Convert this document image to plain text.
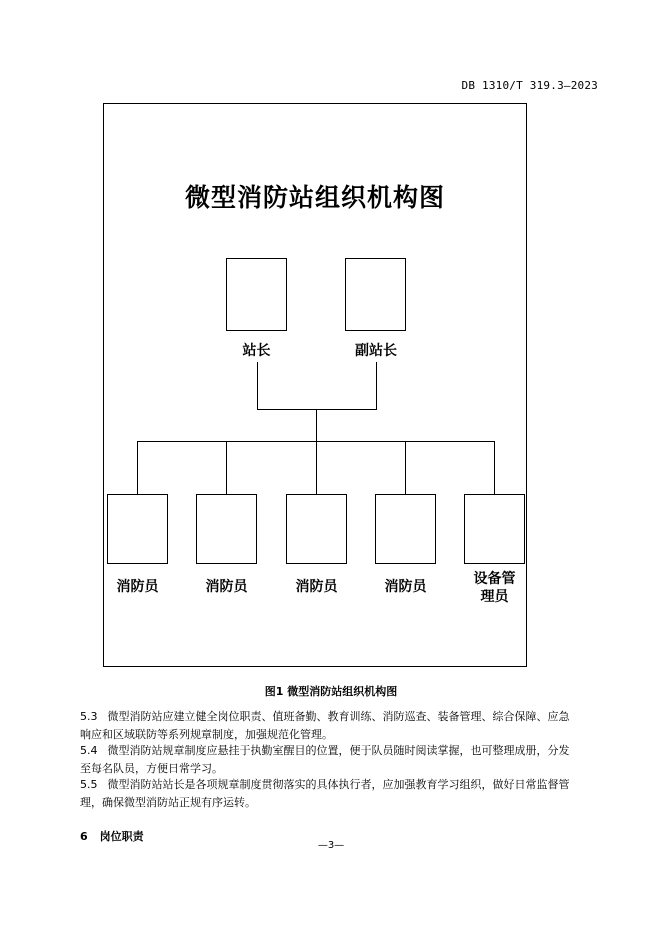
DB 1310/T 319.3—2023
微型消防站组织机构图
站长	副站长
消防员	消防员	消防员	消防员	设备管
理员
图1 微型消防站组织机构图
5.3 微型消防站应建立健全岗位职责、值班备勤、教育训练、消防巡查、装备管理、综合保障、应急
响应和区域联防等系列规章制度，加强规范化管理。
5.4 微型消防站规章制度应悬挂于执勤室醒目的位置，便于队员随时阅读掌握，也可整理成册，分发
至每名队员，方便日常学习。
5.5 微型消防站站长是各项规章制度贯彻落实的具体执行者，应加强教育学习组织，做好日常监督管
理，确保微型消防站正规有序运转。
6 岗位职责
—3—
